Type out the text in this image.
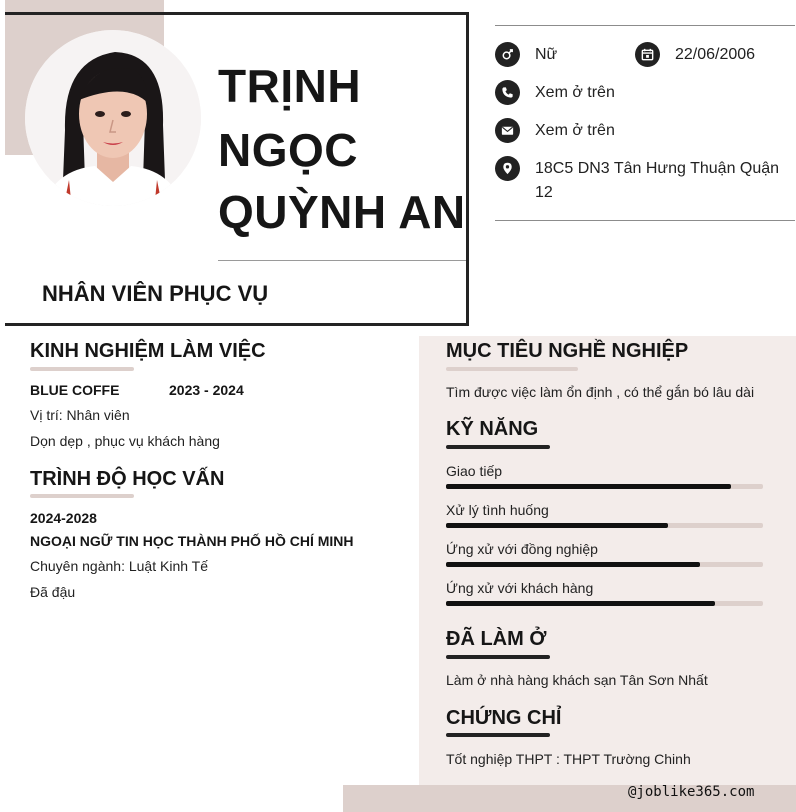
TRỊNH
NGỌC
QUỲNH AN
NHÂN VIÊN PHỤC VỤ
Nữ	22/06/2006
Xem ở trên
Xem ở trên
18C5 DN3 Tân Hưng Thuận Quận
12
KINH NGHIỆM LÀM VIỆC
BLUE COFFE	2023 - 2024
Vị trí: Nhân viên
Dọn dẹp , phục vụ khách hàng
TRÌNH ĐỘ HỌC VẤN
2024-2028
NGOẠI NGỮ TIN HỌC THÀNH PHỐ HỒ CHÍ MINH
Chuyên ngành: Luật Kinh Tế
Đã đậu
MỤC TIÊU NGHỀ NGHIỆP
Tìm được việc làm ổn định , có thể gắn bó lâu dài
KỸ NĂNG
Giao tiếp
Xử lý tình huống
Ứng xử với đồng nghiệp
Ứng xử với khách hàng
ĐÃ LÀM Ở
Làm ở nhà hàng khách sạn Tân Sơn Nhất
CHỨNG CHỈ
Tốt nghiệp THPT : THPT Trường Chinh
@joblike365.com
